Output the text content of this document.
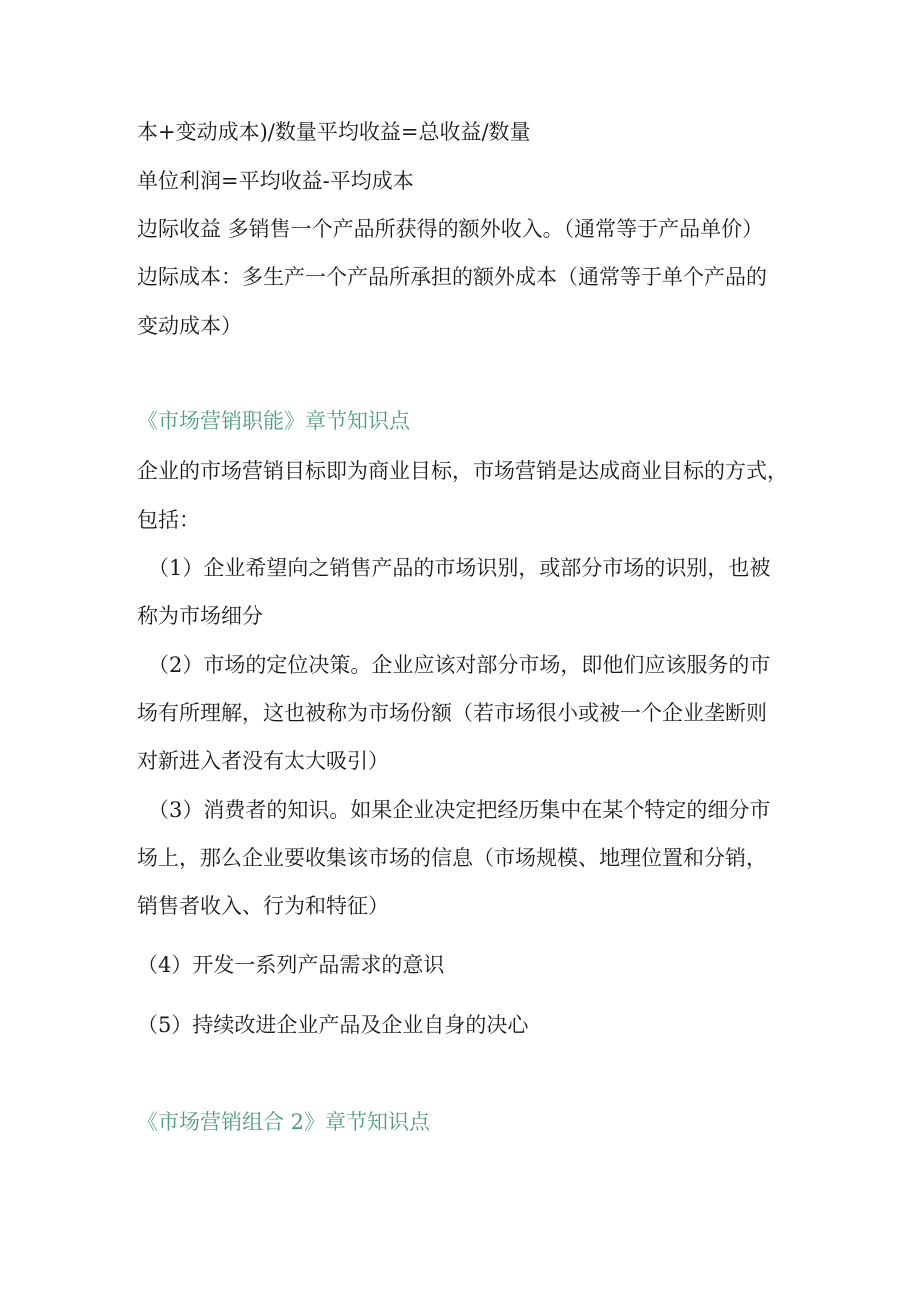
本+变动成本)/数量平均收益=总收益/数量
单位利润=平均收益-平均成本
边际收益 多销售一个产品所获得的额外收入。（通常等于产品单价）
边际成本：多生产一个产品所承担的额外成本（通常等于单个产品的
变动成本）
《市场营销职能》章节知识点
企业的市场营销目标即为商业目标，市场营销是达成商业目标的方式，
包括：
（1）企业希望向之销售产品的市场识别，或部分市场的识别，也被
称为市场细分
（2）市场的定位决策。企业应该对部分市场，即他们应该服务的市
场有所理解，这也被称为市场份额（若市场很小或被一个企业垄断则
对新进入者没有太大吸引）
（3）消费者的知识。如果企业决定把经历集中在某个特定的细分市
场上，那么企业要收集该市场的信息（市场规模、地理位置和分销，
销售者收入、行为和特征）
（4）开发一系列产品需求的意识
（5）持续改进企业产品及企业自身的决心
《市场营销组合 2》章节知识点
